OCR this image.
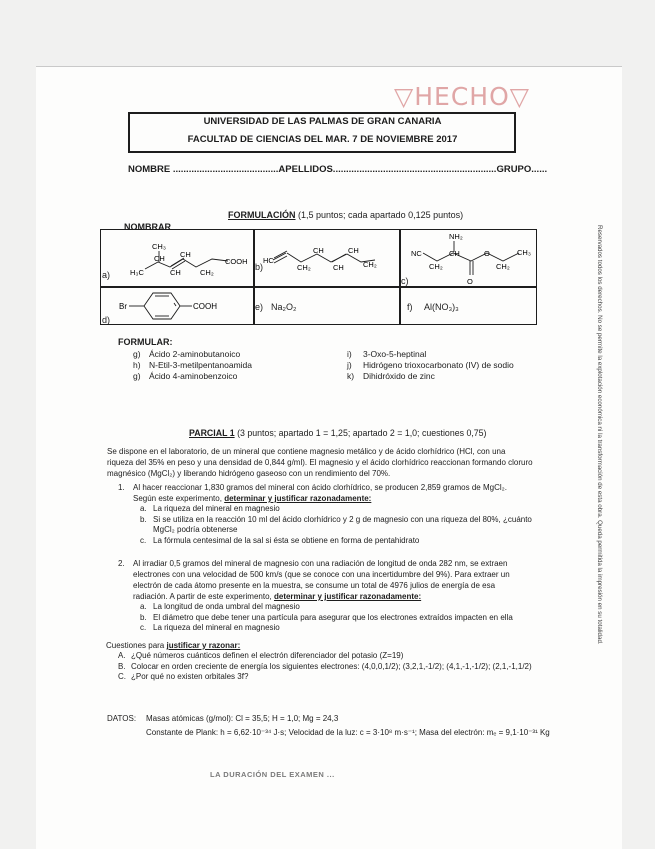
▽HECHO▽
UNIVERSIDAD DE LAS PALMAS DE GRAN CANARIA
FACULTAD DE CIENCIAS DEL MAR. 7 DE NOVIEMBRE 2017
NOMBRE ........................................APELLIDOS..............................................................GRUPO......
FORMULACIÓN (1,5 puntos; cada apartado 0,125 puntos)
NOMBRAR
a)
b)
c)
d)
CH₃
H₃C
CH
CH
CH
CH₂
COOH HC
CH₂
CH
CH
CH
CH₂
NH₂
NC
CH₂
CH	O
CH₂
CH₃
O
Br	COOH	e) Na₂O₂	f) Al(NO₃)₃
FORMULAR:
g) Ácido 2-aminobutanoico
h) N-Etil-3-metilpentanoamida
g) Ácido 4-aminobenzoico
i) 3-Oxo-5-heptinal
j) Hidrógeno trioxocarbonato (IV) de sodio
k) Dihidróxido de zinc
PARCIAL 1 (3 puntos; apartado 1 = 1,25; apartado 2 = 1,0; cuestiones 0,75)
Se dispone en el laboratorio, de un mineral que contiene magnesio metálico y de ácido clorhídrico (HCl, con una riqueza del 35% en peso y una densidad de 0,844 g/ml). El magnesio y el ácido clorhídrico reaccionan formando cloruro magnésico (MgCl₂) y liberando hidrógeno gaseoso con un rendimiento del 70%.
1.	Al hacer reaccionar 1,830 gramos del mineral con ácido clorhídrico, se producen 2,859 gramos de MgCl₂. Según este experimento, determinar y justificar razonadamente:
a. La riqueza del mineral en magnesio
b. Si se utiliza en la reacción 10 ml del ácido clorhídrico y 2 g de magnesio con una riqueza del 80%, ¿cuánto MgCl₂ podría obtenerse
c. La fórmula centesimal de la sal si ésta se obtiene en forma de pentahidrato
2.	Al irradiar 0,5 gramos del mineral de magnesio con una radiación de longitud de onda 282 nm, se extraen electrones con una velocidad de 500 km/s (que se conoce con una incertidumbre del 9%). Para extraer un electrón de cada átomo presente en la muestra, se consume un total de 4976 julios de energía de esa radiación. A partir de este experimento, determinar y justificar razonadamente:
a. La longitud de onda umbral del magnesio
b. El diámetro que debe tener una partícula para asegurar que los electrones extraídos impacten en ella
c. La riqueza del mineral en magnesio
Cuestiones para justificar y razonar:
A. ¿Qué números cuánticos definen el electrón diferenciador del potasio (Z=19)
B. Colocar en orden creciente de energía los siguientes electrones: (4,0,0,1/2); (3,2,1,-1/2); (4,1,-1,-1/2); (2,1,-1,1/2)
C. ¿Por qué no existen orbitales 3f?
DATOS: Masas atómicas (g/mol): Cl = 35,5; H = 1,0; Mg = 24,3
Constante de Plank: h = 6,62·10⁻³⁴ J·s; Velocidad de la luz: c = 3·10⁸ m·s⁻¹; Masa del electrón: mₑ = 9,1·10⁻³¹ Kg
LA DURACIÓN DEL EXAMEN ...
Reservados todos los derechos. No se permite la explotación económica ni la transformación de esta obra. Queda permitida la impresión en su totalidad.
